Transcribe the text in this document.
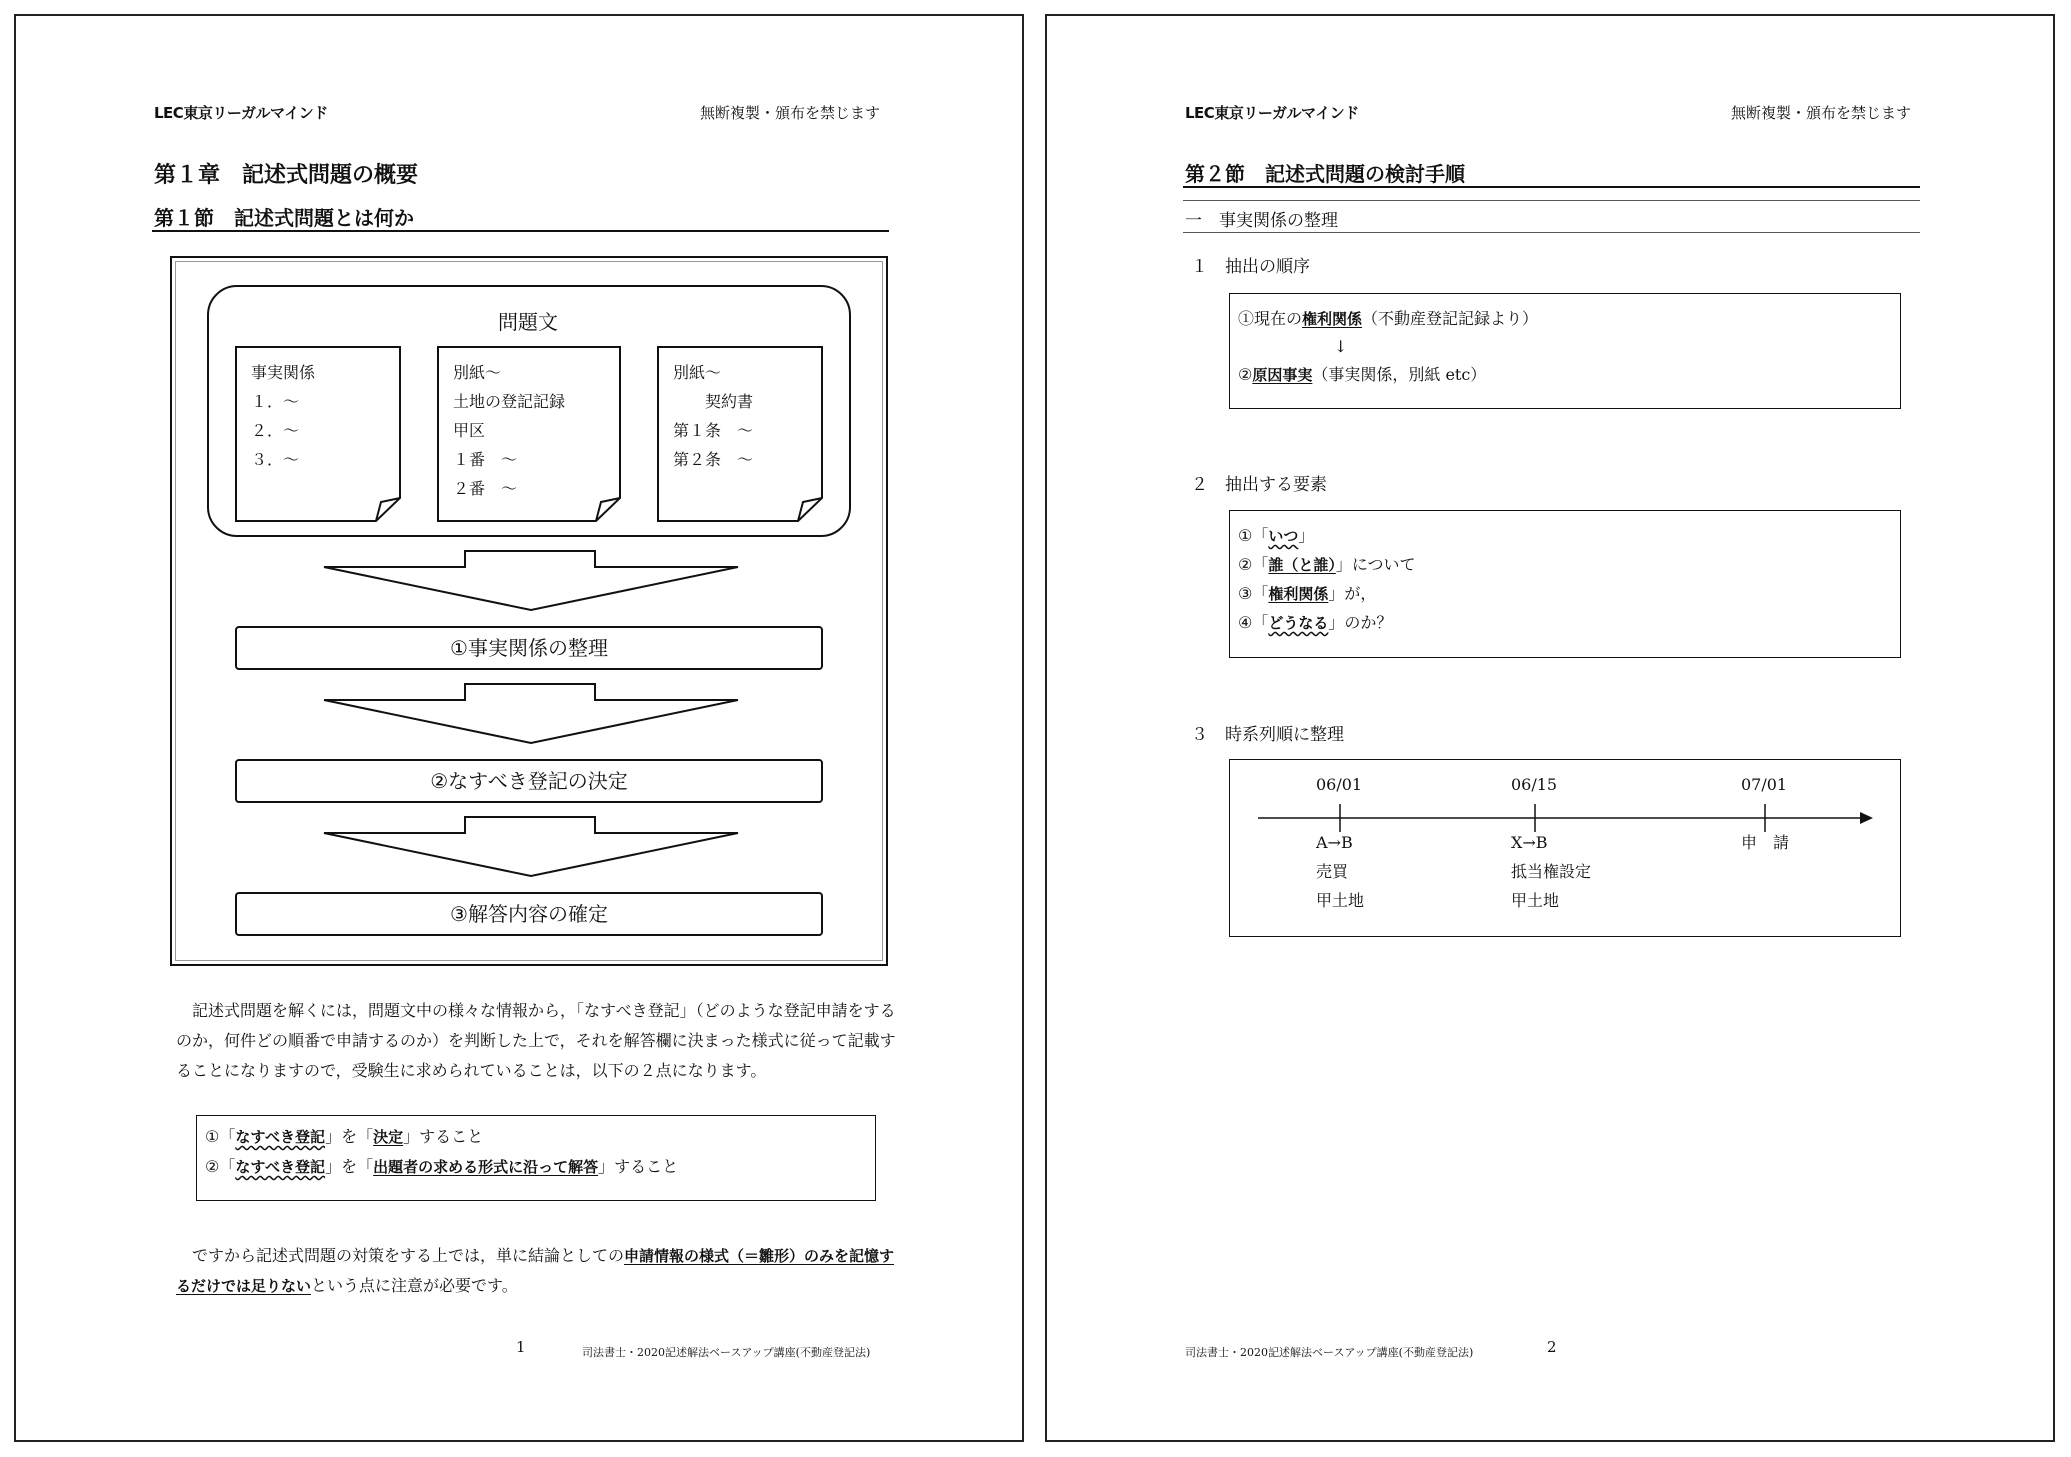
LEC東京リーガルマインド	無断複製・頒布を禁じます
第１章　記述式問題の概要
第１節　記述式問題とは何か
問題文
事実関係
１．～
２．～
３．～
別紙～
土地の登記記録
甲区
１番　～
２番　～
別紙～
　　契約書
第１条　～
第２条　～
①事実関係の整理
②なすべき登記の決定
③解答内容の確定
記述式問題を解くには，問題文中の様々な情報から，「なすべき登記」（どのような登記申請をするのか，何件どの順番で申請するのか）を判断した上で，それを解答欄に決まった様式に従って記載することになりますので，受験生に求められていることは，以下の２点になります。
①「なすべき登記」を「決定」すること
②「なすべき登記」を「出題者の求める形式に沿って解答」すること
ですから記述式問題の対策をする上では，単に結論としての申請情報の様式（＝雛形）のみを記憶するだけでは足りないという点に注意が必要です。
1	司法書士・2020記述解法ベースアップ講座(不動産登記法)
LEC東京リーガルマインド	無断複製・頒布を禁じます
第２節　記述式問題の検討手順
一　事実関係の整理
１　抽出の順序
①現在の権利関係（不動産登記記録より）
↓
②原因事実（事実関係，別紙 etc）
２　抽出する要素
①「いつ」
②「誰（と誰）」について
③「権利関係」が，
④「どうなる」のか？
３　時系列順に整理
06/01	06/15	07/01
A→B
売買
甲土地
X→B
抵当権設定
甲土地
申　請
司法書士・2020記述解法ベースアップ講座(不動産登記法)	2
